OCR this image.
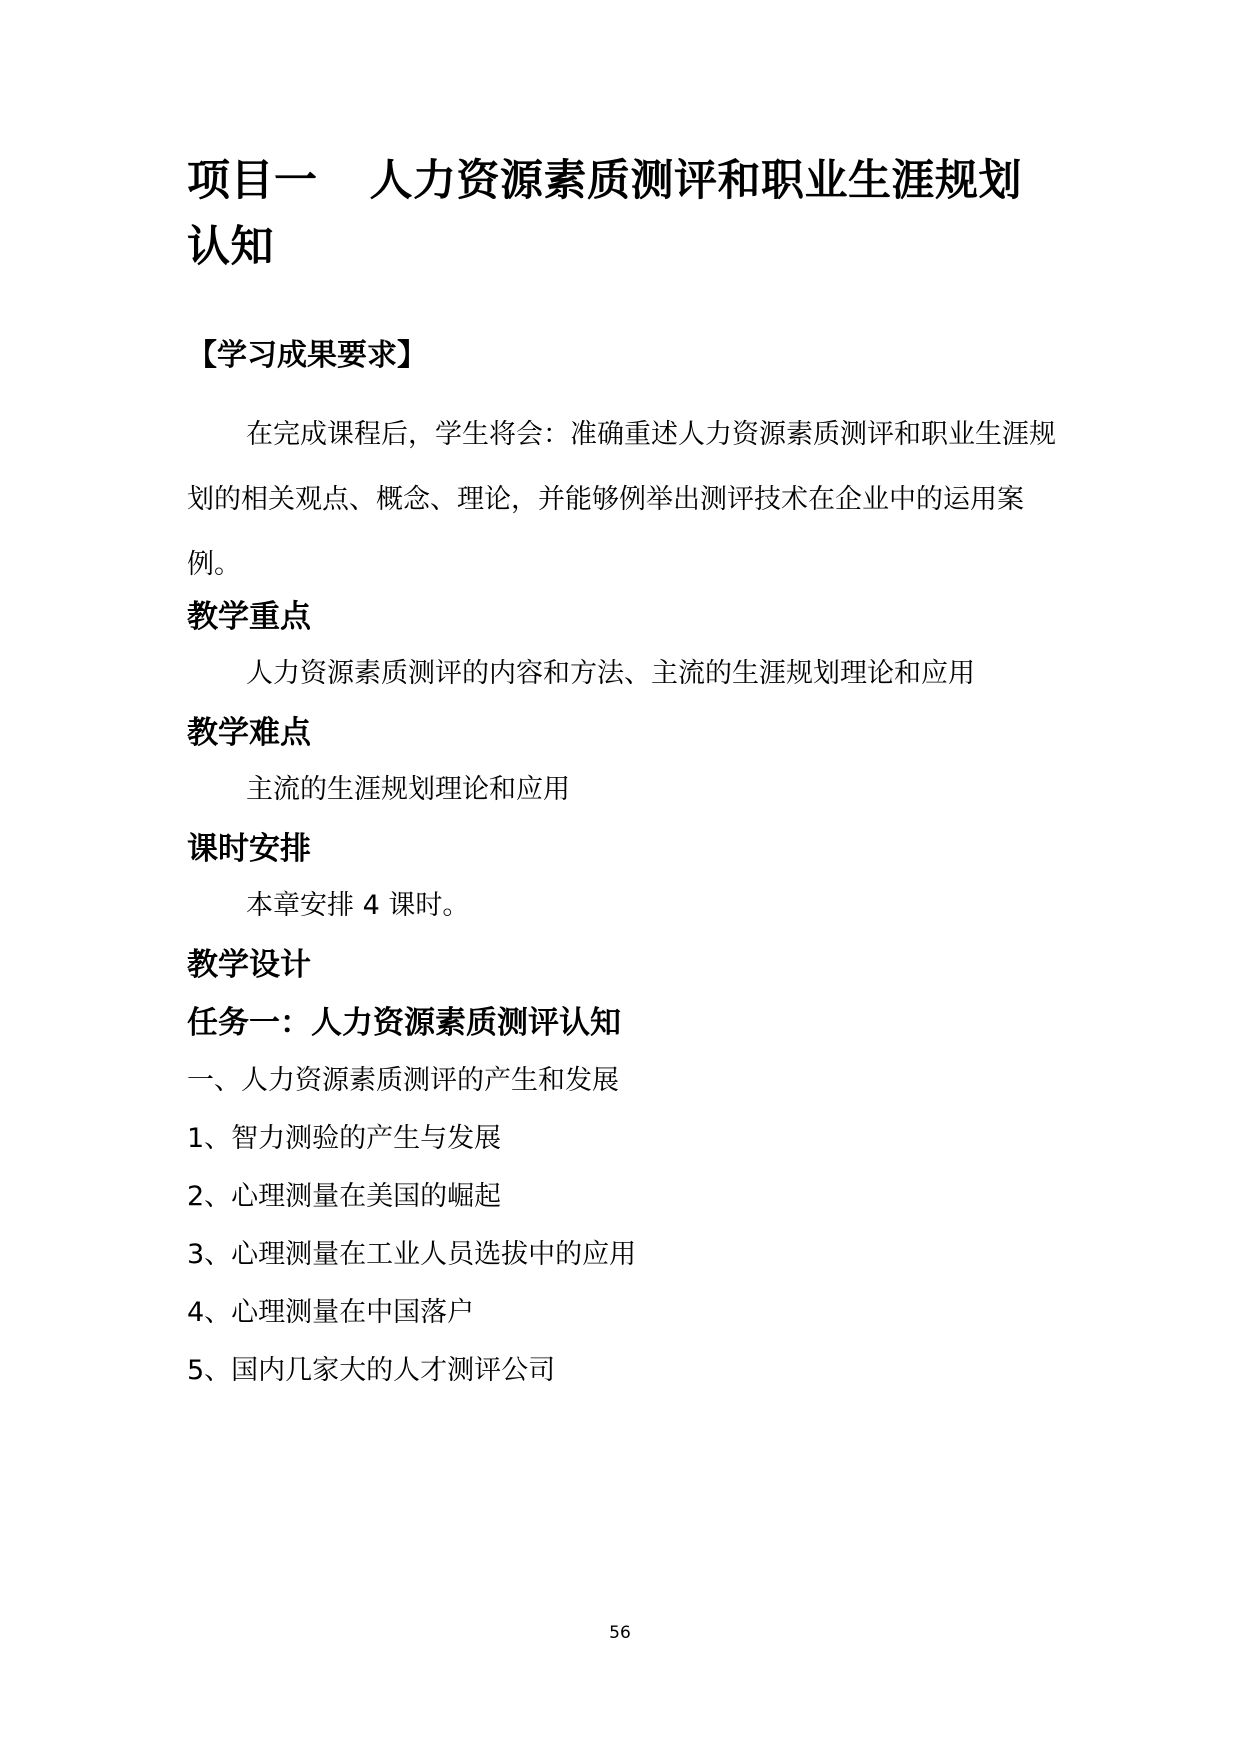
项目一 人力资源素质测评和职业生涯规划认知
【学习成果要求】

在完成课程后，学生将会：准确重述人力资源素质测评和职业生涯规划的相关观点、概念、理论，并能够例举出测评技术在企业中的运用案例。

教学重点

人力资源素质测评的内容和方法、主流的生涯规划理论和应用

教学难点

主流的生涯规划理论和应用

课时安排

本章安排 4 课时。

教学设计
任务一：人力资源素质测评认知

一、人力资源素质测评的产生和发展

1、智力测验的产生与发展

2、心理测量在美国的崛起

3、心理测量在工业人员选拔中的应用

4、心理测量在中国落户

5、国内几家大的人才测评公司

56
